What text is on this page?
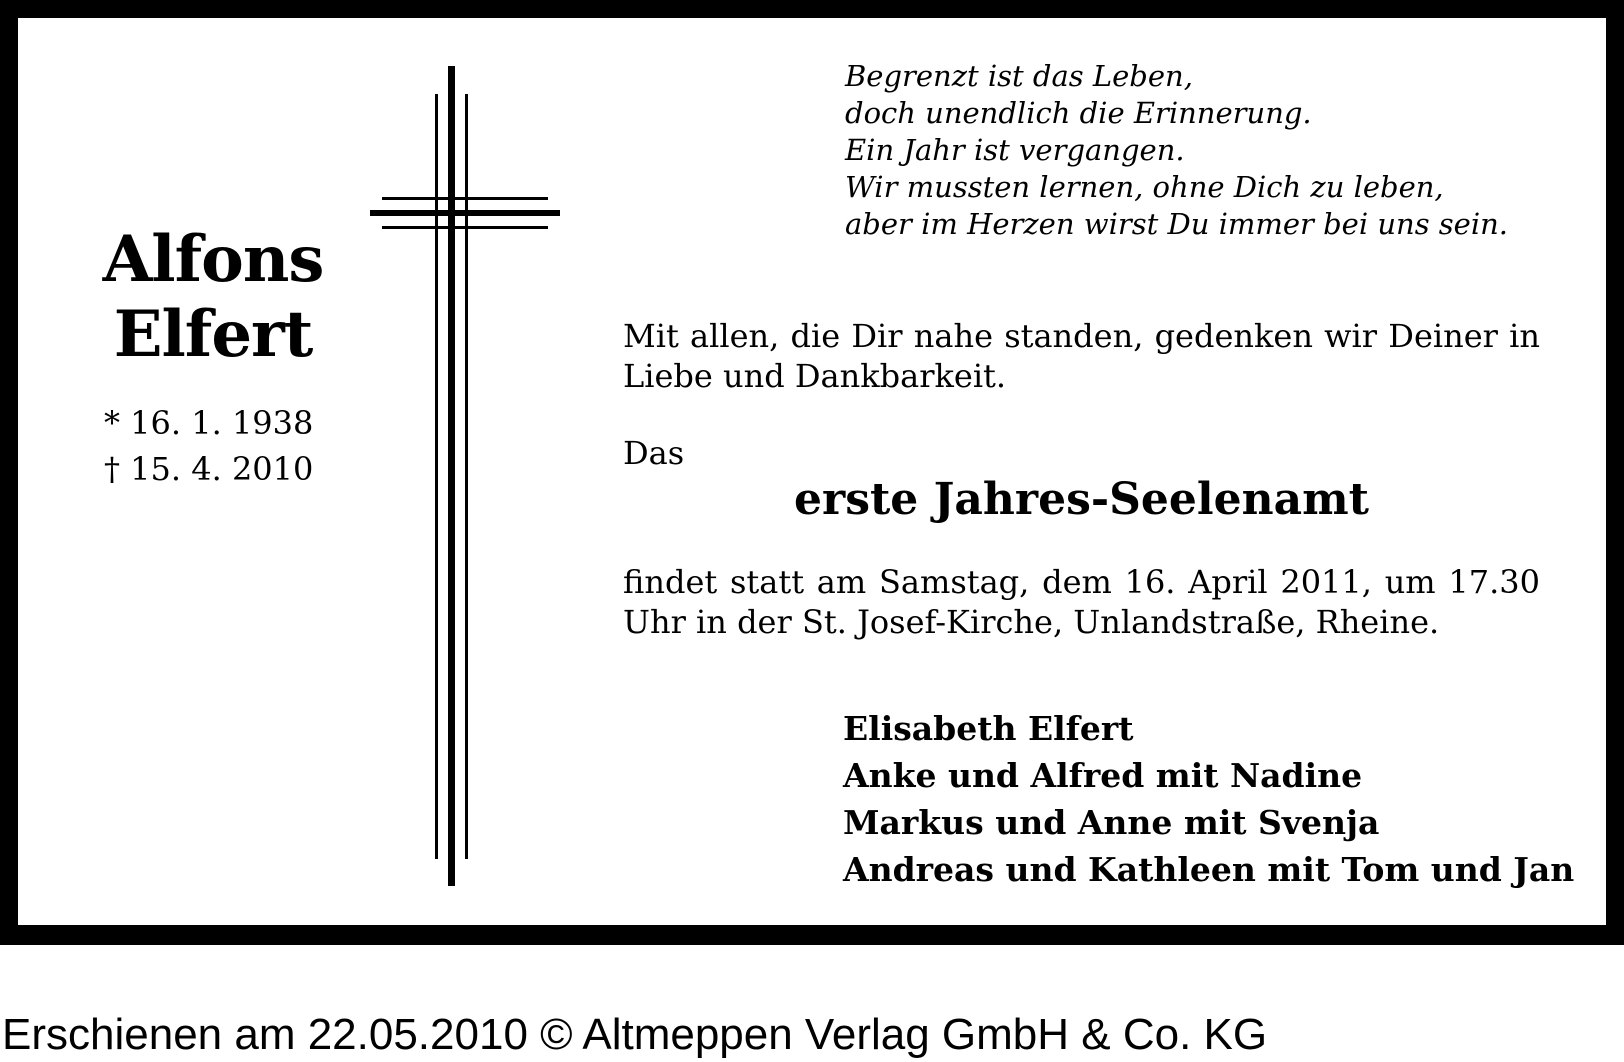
Alfons
Elfert
* 16. 1. 1938
† 15. 4. 2010
Begrenzt ist das Leben,
doch unendlich die Erinnerung.
Ein Jahr ist vergangen.
Wir mussten lernen, ohne Dich zu leben,
aber im Herzen wirst Du immer bei uns sein.
Mit allen, die Dir nahe standen, gedenken wir Deiner in Liebe und Dankbarkeit.
Das
erste Jahres-Seelenamt
findet statt am Samstag, dem 16. April 2011, um 17.30 Uhr in der St. Josef-Kirche, Unlandstraße, Rheine.
Elisabeth Elfert
Anke und Alfred mit Nadine
Markus und Anne mit Svenja
Andreas und Kathleen mit Tom und Jan
Erschienen am 22.05.2010 © Altmeppen Verlag GmbH & Co. KG
